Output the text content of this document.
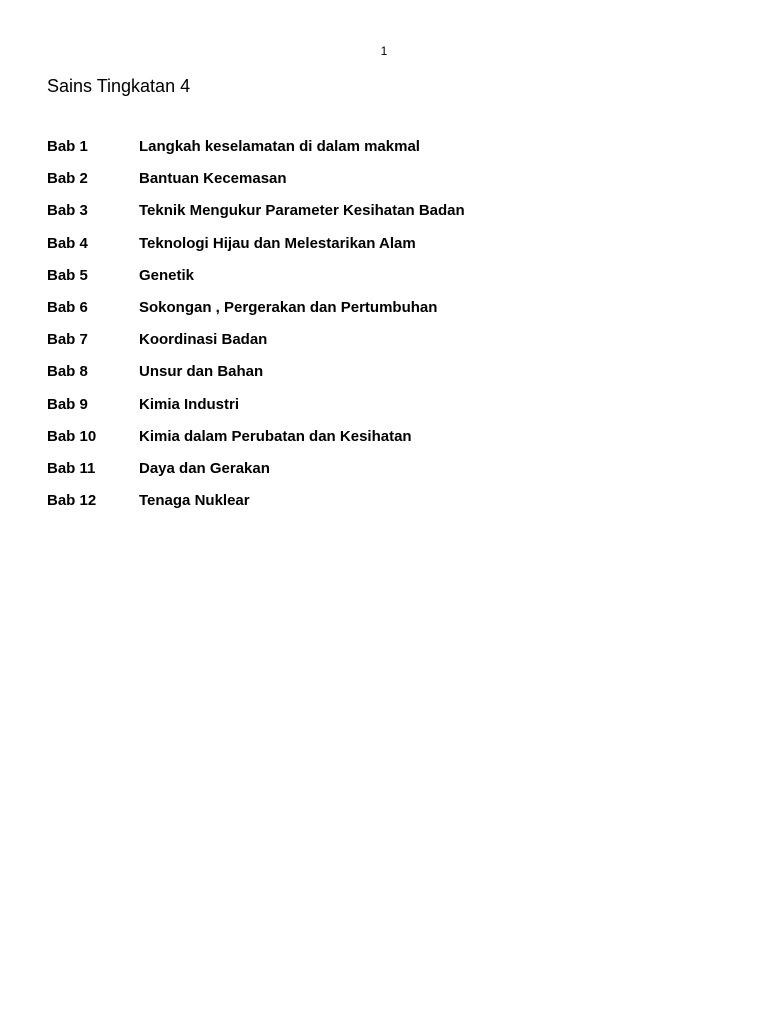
1
Sains Tingkatan 4
Bab 1	Langkah keselamatan di dalam makmal
Bab 2	Bantuan Kecemasan
Bab 3	Teknik Mengukur Parameter Kesihatan Badan
Bab 4	Teknologi Hijau dan Melestarikan Alam
Bab 5	Genetik
Bab 6	Sokongan , Pergerakan dan Pertumbuhan
Bab 7	Koordinasi Badan
Bab 8	Unsur dan Bahan
Bab 9	Kimia Industri
Bab 10	Kimia dalam Perubatan dan Kesihatan
Bab 11	Daya dan Gerakan
Bab 12	Tenaga Nuklear
